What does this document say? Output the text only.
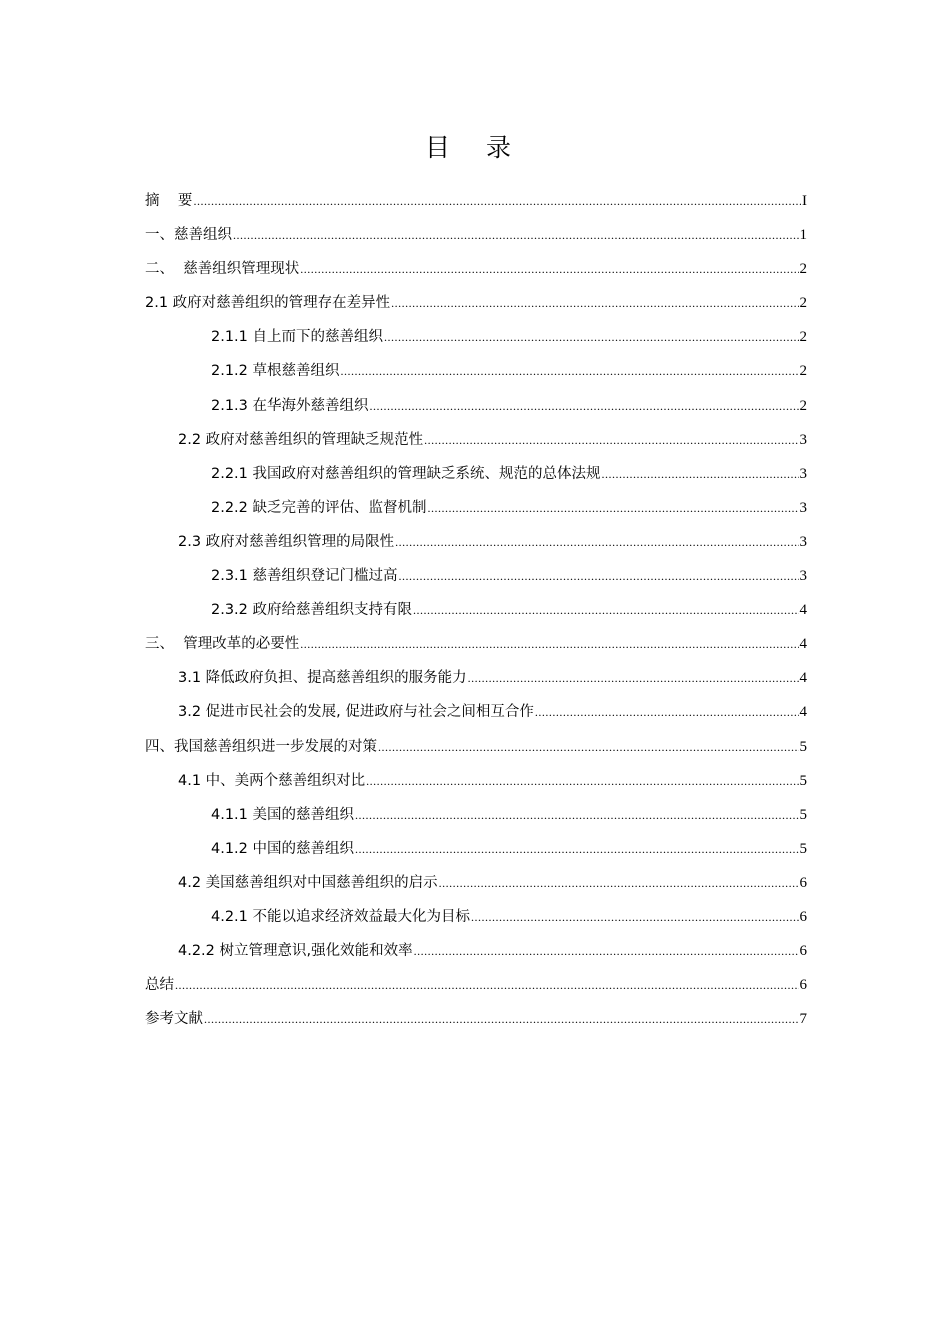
目 录
摘    要 .....	I
一、慈善组织 .....	1
二、  慈善组织管理现状 .....	2
2.1 政府对慈善组织的管理存在差异性 .....	2
2.1.1 自上而下的慈善组织 .....	2
2.1.2 草根慈善组织 .....	2
2.1.3 在华海外慈善组织 .....	2
2.2 政府对慈善组织的管理缺乏规范性 .....	3
2.2.1 我国政府对慈善组织的管理缺乏系统、规范的总体法规 .....	3
2.2.2 缺乏完善的评估、监督机制 .....	3
2.3 政府对慈善组织管理的局限性 .....	3
2.3.1 慈善组织登记门槛过高 .....	3
2.3.2 政府给慈善组织支持有限 .....	4
三、  管理改革的必要性 .....	4
3.1 降低政府负担、提高慈善组织的服务能力 .....	4
3.2 促进市民社会的发展, 促进政府与社会之间相互合作 .....	4
四、我国慈善组织进一步发展的对策 .....	5
4.1 中、美两个慈善组织对比 .....	5
4.1.1 美国的慈善组织 .....	5
4.1.2 中国的慈善组织 .....	5
4.2 美国慈善组织对中国慈善组织的启示 .....	6
4.2.1 不能以追求经济效益最大化为目标 .....	6
4.2.2 树立管理意识,强化效能和效率 .....	6
总结 .....	6
参考文献 .....	7
